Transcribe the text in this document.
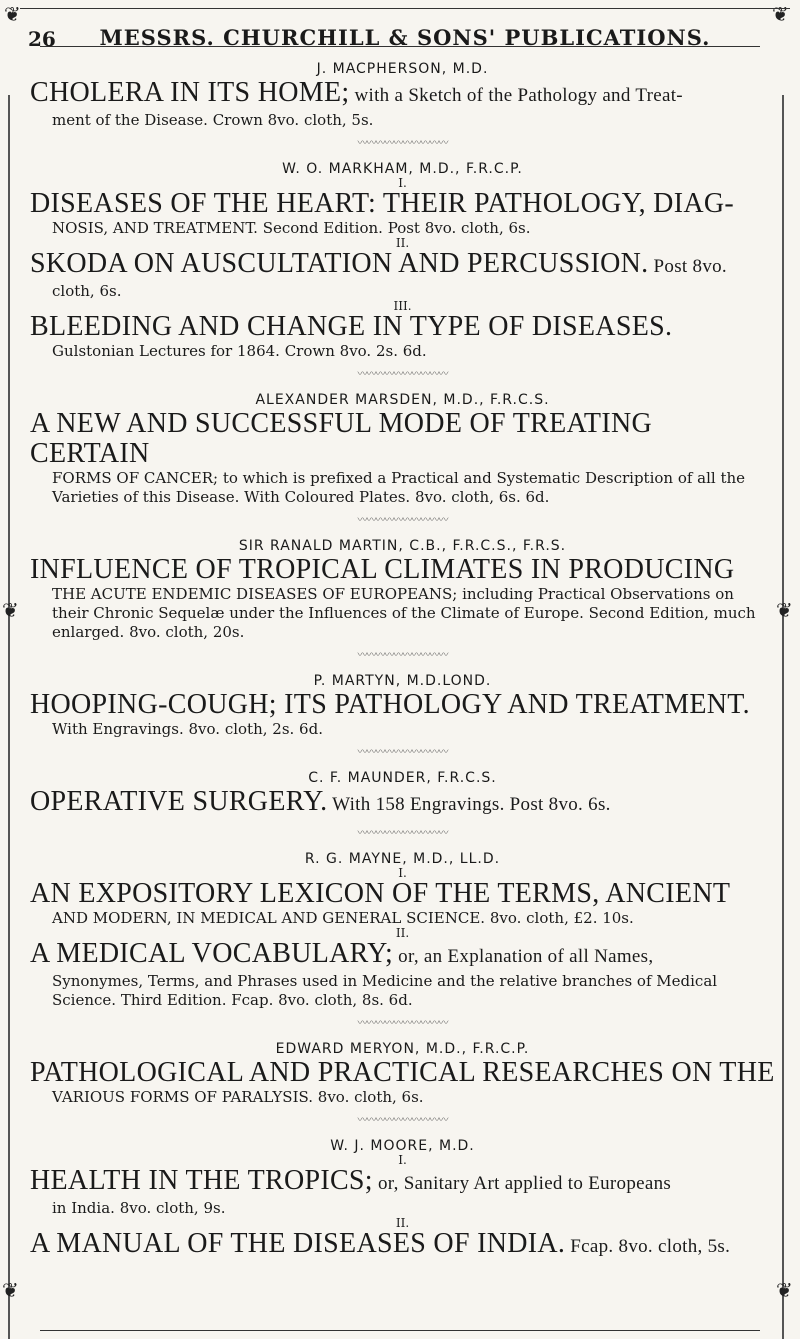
❦	❦
❦	❦
❦	❦
26	MESSRS. CHURCHILL & SONS' PUBLICATIONS.

J. MACPHERSON, M.D.

CHOLERA IN ITS HOME; with a Sketch of the Pathology and Treat-

ment of the Disease. Crown 8vo. cloth, 5s.

〰〰〰〰〰〰〰〰〰〰

W. O. MARKHAM, M.D., F.R.C.P.

I.

DISEASES OF THE HEART: THEIR PATHOLOGY, DIAG-

NOSIS, AND TREATMENT. Second Edition. Post 8vo. cloth, 6s.

II.

SKODA ON AUSCULTATION AND PERCUSSION. Post 8vo.

cloth, 6s.

III.

BLEEDING AND CHANGE IN TYPE OF DISEASES.

Gulstonian Lectures for 1864. Crown 8vo. 2s. 6d.

〰〰〰〰〰〰〰〰〰〰

ALEXANDER MARSDEN, M.D., F.R.C.S.

A NEW AND SUCCESSFUL MODE OF TREATING CERTAIN

FORMS OF CANCER; to which is prefixed a Practical and Systematic Description of all the Varieties of this Disease. With Coloured Plates. 8vo. cloth, 6s. 6d.

〰〰〰〰〰〰〰〰〰〰

SIR RANALD MARTIN, C.B., F.R.C.S., F.R.S.

INFLUENCE OF TROPICAL CLIMATES IN PRODUCING

THE ACUTE ENDEMIC DISEASES OF EUROPEANS; including Practical Observations on their Chronic Sequelæ under the Influences of the Climate of Europe. Second Edition, much enlarged. 8vo. cloth, 20s.

〰〰〰〰〰〰〰〰〰〰

P. MARTYN, M.D.LOND.

HOOPING-COUGH; ITS PATHOLOGY AND TREATMENT.

With Engravings. 8vo. cloth, 2s. 6d.

〰〰〰〰〰〰〰〰〰〰

C. F. MAUNDER, F.R.C.S.

OPERATIVE SURGERY. With 158 Engravings. Post 8vo. 6s.

〰〰〰〰〰〰〰〰〰〰

R. G. MAYNE, M.D., LL.D.

I.

AN EXPOSITORY LEXICON OF THE TERMS, ANCIENT

AND MODERN, IN MEDICAL AND GENERAL SCIENCE. 8vo. cloth, £2. 10s.

II.

A MEDICAL VOCABULARY; or, an Explanation of all Names,

Synonymes, Terms, and Phrases used in Medicine and the relative branches of Medical Science. Third Edition. Fcap. 8vo. cloth, 8s. 6d.

〰〰〰〰〰〰〰〰〰〰

EDWARD MERYON, M.D., F.R.C.P.

PATHOLOGICAL AND PRACTICAL RESEARCHES ON THE

VARIOUS FORMS OF PARALYSIS. 8vo. cloth, 6s.

〰〰〰〰〰〰〰〰〰〰

W. J. MOORE, M.D.

I.

HEALTH IN THE TROPICS; or, Sanitary Art applied to Europeans

in India. 8vo. cloth, 9s.

II.

A MANUAL OF THE DISEASES OF INDIA. Fcap. 8vo. cloth, 5s.
